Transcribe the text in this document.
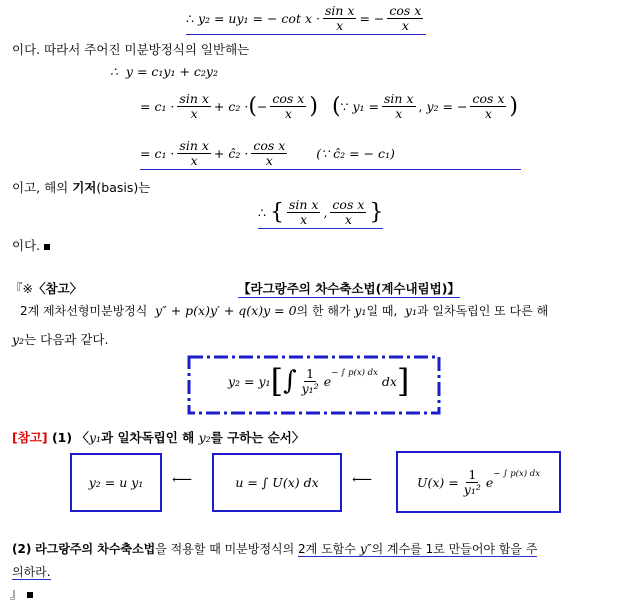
∴
y₂ = uy₁ = − $\cot x \cdot \frac{\text{sin x}}{x}$ = − $\frac{\text{cos x}}{x}$
이다. 따라서 주어진 미분방정식의 일반해는
∴ y = c₁y₁ + c₂y₂
= $c_1 \cdot \frac{\text{sin x}}{x} + c_2$ · ( − $\frac{\text{cos x}}{x}$ ) ( ∵
$y_1 = \frac{\text{sin x}}{x}$ ,
y₂ = − $\frac{\text{cos x}}{x}$ )
= $c_1 \cdot \frac{\text{sin x}}{x}$ + ĉ₂ · $\frac{\text{cos x}}{x}$ (∵ ĉ₂ = − c₁)
이고, 해의 기저(basis)는
∴
{ $\frac{\text{sin x}}{x}$ , $\frac{\text{cos x}}{x}$ }
이다.
『※〈참고〉	【라그랑주의 차수축소법(계수내림법)】
2계 제차선형미분방정식 y″ + p(x)y′ + q(x)y = 0의 한 해가 y₁일 때, y₁과 일차독립인 또 다른 해
y₂는 다음과 같다.
y₂ = y₁ [ ∫ $\frac{1}{\text{y₁²}}$ e
$^{- \int p(x) dx}$

dx ]
[참고] (1) 〈y₁과 일차독립인 해 y₂를 구하는 순서〉
y₂ = u y₁ ⟵	u = ∫ U(x) dx ⟵	$U(x) = \frac{1}{\text{y₁²}}$ e
$^{- \int p(x) dx}$
(2) 라그랑주의 차수축소법을 적용할 때 미분방정식의 2계 도함수 y″의 계수를 1로 만들어야 함을 주
의하라.
』
